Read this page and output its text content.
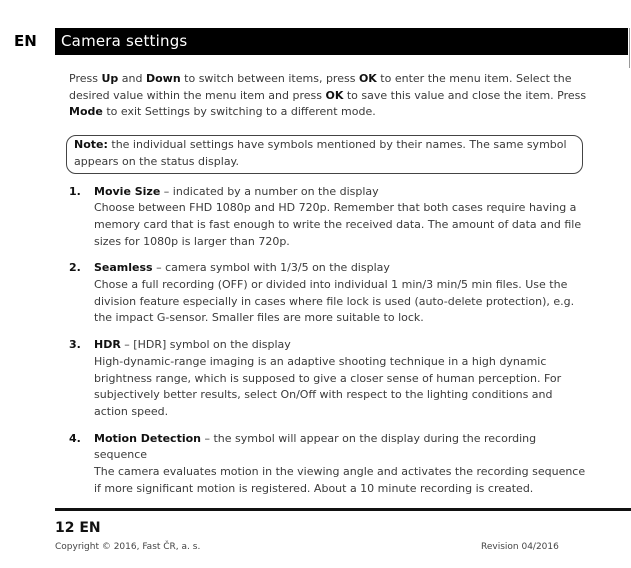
EN	Camera settings

Press Up and Down to switch between items, press OK to enter the menu item. Select the desired value within the menu item and press OK to save this value and close the item. Press Mode to exit Settings by switching to a different mode.

Note: the individual settings have symbols mentioned by their names. The same symbol appears on the status display.
1. Movie Size – indicated by a number on the display
Choose between FHD 1080p and HD 720p. Remember that both cases require having a memory card that is fast enough to write the received data. The amount of data and file sizes for 1080p is larger than 720p.
2. Seamless – camera symbol with 1/3/5 on the display
Chose a full recording (OFF) or divided into individual 1 min/3 min/5 min files. Use the division feature especially in cases where file lock is used (auto-delete protection), e.g. the impact G-sensor. Smaller files are more suitable to lock.
3. HDR – [HDR] symbol on the display
High-dynamic-range imaging is an adaptive shooting technique in a high dynamic brightness range, which is supposed to give a closer sense of human perception. For subjectively better results, select On/Off with respect to the lighting conditions and action speed.
4. Motion Detection – the symbol will appear on the display during the recording sequence
The camera evaluates motion in the viewing angle and activates the recording sequence if more significant motion is registered. About a 10 minute recording is created.
12 EN
Copyright © 2016, Fast ČR, a. s.	Revision 04/2016
